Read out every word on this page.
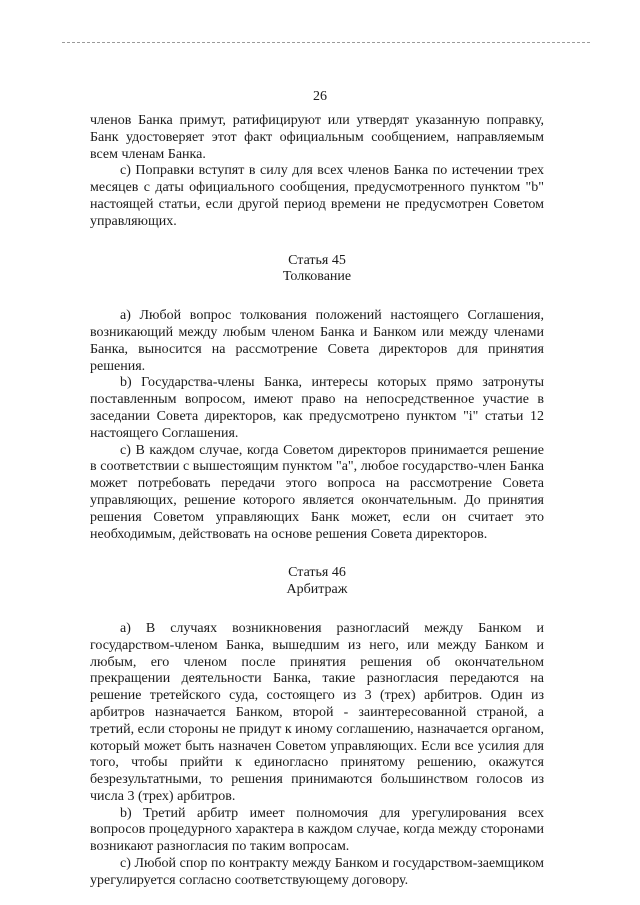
26

членов Банка примут, ратифицируют или утвердят указанную поправку, Банк удостоверяет этот факт официальным сообщением, направляемым всем членам Банка.

c) Поправки вступят в силу для всех членов Банка по истечении трех месяцев с даты официального сообщения, предусмотренного пунктом "b" настоящей статьи, если другой период времени не предусмотрен Советом управляющих.

Статья 45
Толкование

a) Любой вопрос толкования положений настоящего Соглашения, возникающий между любым членом Банка и Банком или между членами Банка, выносится на рассмотрение Совета директоров для принятия решения.

b) Государства-члены Банка, интересы которых прямо затронуты поставленным вопросом, имеют право на непосредственное участие в заседании Совета директоров, как предусмотрено пунктом "i" статьи 12 настоящего Соглашения.

c) В каждом случае, когда Советом директоров принимается решение в соответствии с вышестоящим пунктом "a", любое государство-член Банка может потребовать передачи этого вопроса на рассмотрение Совета управляющих, решение которого является окончательным. До принятия решения Советом управляющих Банк может, если он считает это необходимым, действовать на основе решения Совета директоров.

Статья 46
Арбитраж

a) В случаях возникновения разногласий между Банком и государством-членом Банка, вышедшим из него, или между Банком и любым, его членом после принятия решения об окончательном прекращении деятельности Банка, такие разногласия передаются на решение третейского суда, состоящего из 3 (трех) арбитров. Один из арбитров назначается Банком, второй - заинтересованной страной, а третий, если стороны не придут к иному соглашению, назначается органом, который может быть назначен Советом управляющих. Если все усилия для того, чтобы прийти к единогласно принятому решению, окажутся безрезультатными, то решения принимаются большинством голосов из числа 3 (трех) арбитров.

b) Третий арбитр имеет полномочия для урегулирования всех вопросов процедурного характера в каждом случае, когда между сторонами возникают разногласия по таким вопросам.

c) Любой спор по контракту между Банком и государством-заемщиком урегулируется согласно соответствующему договору.
